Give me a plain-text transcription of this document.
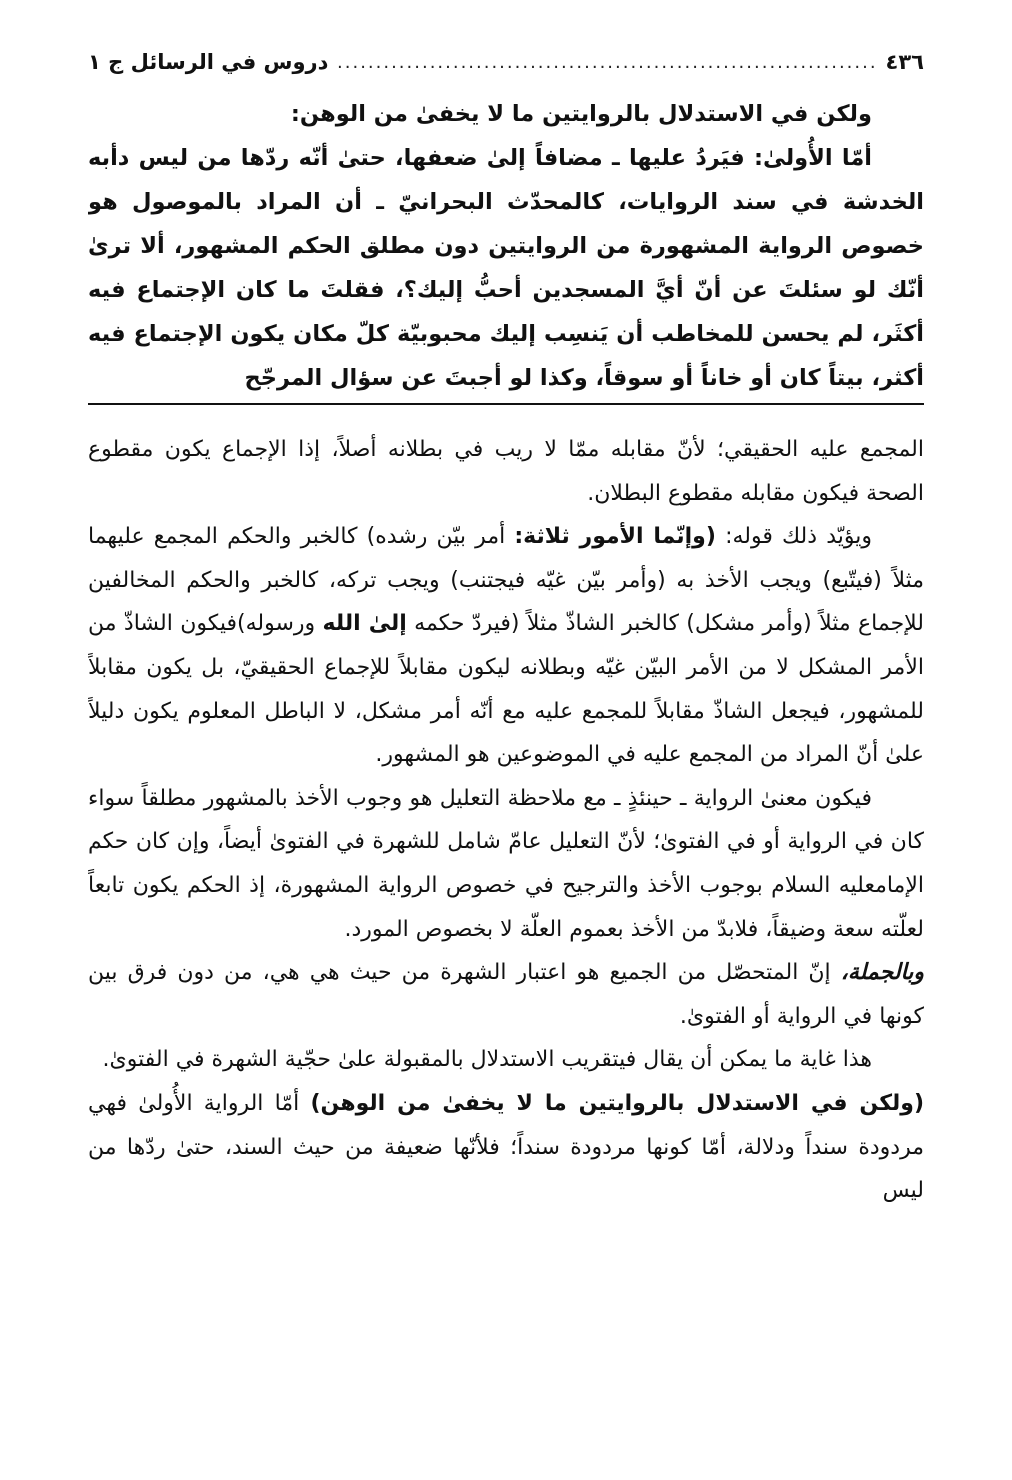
٤٣٦
.....
دروس في الرسائل ج ١

ولكن في الاستدلال بالروايتين ما لا يخفىٰ من الوهن:

أمّا الأُولىٰ: فيَردُ عليها ـ مضافاً إلىٰ ضعفها، حتىٰ أنّه ردّها من ليس دأبه الخدشة في سند الروايات، كالمحدّث البحرانيّ ـ أن المراد بالموصول هو خصوص الرواية المشهورة من الروايتين دون مطلق الحكم المشهور، ألا ترىٰ أنّك لو سئلتَ عن أنّ أيَّ المسجدين أحبُّ إليك؟، فقلتَ ما كان الإجتماع فيه أكثَر، لم يحسن للمخاطب أن يَنسِب إليك محبوبيّة كلّ مكان يكون الإجتماع فيه أكثر، بيتاً كان أو خاناً أو سوقاً، وكذا لو أجبتَ عن سؤال المرجّح

المجمع عليه الحقيقي؛ لأنّ مقابله ممّا لا ريب في بطلانه أصلاً، إذا الإجماع يكون مقطوع الصحة فيكون مقابله مقطوع البطلان.

ويؤيّد ذلك قوله: (وإنّما الأمور ثلاثة: أمر بيّن رشده) كالخبر والحكم المجمع عليهما مثلاً (فيتّبع) ويجب الأخذ به (وأمر بيّن غيّه فيجتنب) ويجب تركه، كالخبر والحكم المخالفين للإجماع مثلاً (وأمر مشكل) كالخبر الشاذّ مثلاً (فيردّ حكمه إلىٰ الله ورسوله)فيكون الشاذّ من الأمر المشكل لا من الأمر البيّن غيّه وبطلانه ليكون مقابلاً للإجماع الحقيقيّ، بل يكون مقابلاً للمشهور، فيجعل الشاذّ مقابلاً للمجمع عليه مع أنّه أمر مشكل، لا الباطل المعلوم يكون دليلاً علىٰ أنّ المراد من المجمع عليه في الموضوعين هو المشهور.

فيكون معنىٰ الرواية ـ حينئذٍ ـ مع ملاحظة التعليل هو وجوب الأخذ بالمشهور مطلقاً سواء كان في الرواية أو في الفتوىٰ؛ لأنّ التعليل عامّ شامل للشهرة في الفتوىٰ أيضاً، وإن كان حكم الإمامعليه السلام بوجوب الأخذ والترجيح في خصوص الرواية المشهورة، إذ الحكم يكون تابعاً لعلّته سعة وضيقاً، فلابدّ من الأخذ بعموم العلّة لا بخصوص المورد.

وبالجملة، إنّ المتحصّل من الجميع هو اعتبار الشهرة من حيث هي هي، من دون فرق بين كونها في الرواية أو الفتوىٰ.

هذا غاية ما يمكن أن يقال فيتقريب الاستدلال بالمقبولة علىٰ حجّية الشهرة في الفتوىٰ.

(ولكن في الاستدلال بالروايتين ما لا يخفىٰ من الوهن) أمّا الرواية الأُولىٰ فهي مردودة سنداً ودلالة، أمّا كونها مردودة سنداً؛ فلأنّها ضعيفة من حيث السند، حتىٰ ردّها من ليس
